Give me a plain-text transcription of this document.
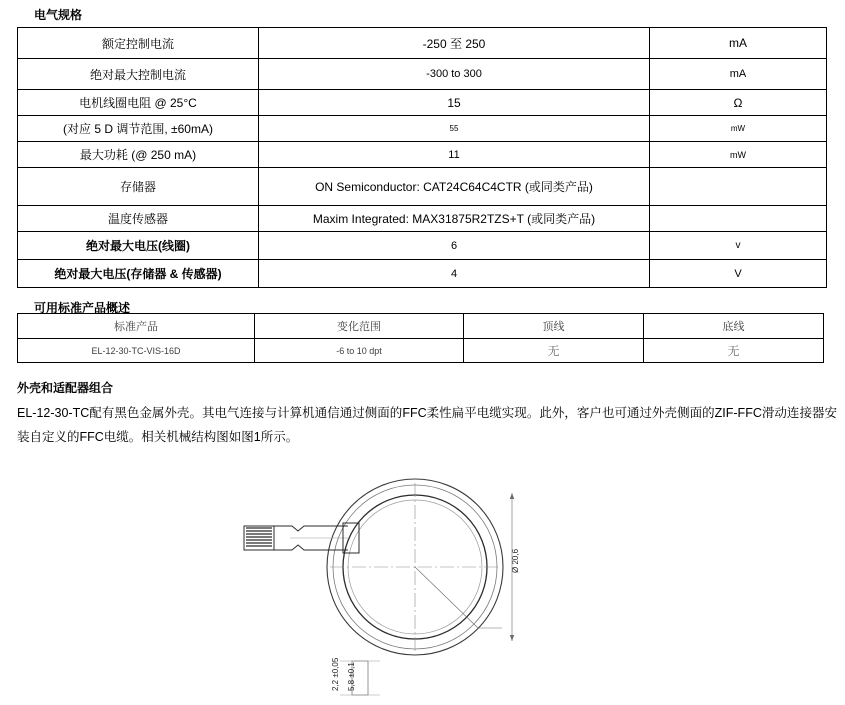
电气规格
额定控制电流	-250 至 250	mA
绝对最大控制电流	-300 to 300	mA
电机线圈电阻 @ 25°C	15	Ω
(对应 5 D 调节范围, ±60mA)	55	mW
最大功耗 (@ 250 mA)	11	mW
存储器	ON Semiconductor: CAT24C64C4CTR (或同类产品)	
温度传感器	Maxim Integrated: MAX31875R2TZS+T (或同类产品)	
绝对最大电压(线圈)	6	v
绝对最大电压(存储器 & 传感器)	4	V
可用标准产品概述
标准产品	变化范围	顶线	底线
EL-12-30-TC-VIS-16D	-6 to 10 dpt	无	无
外壳和适配器组合
EL-12-30-TC配有黑色金属外壳。其电气连接与计算机通信通过侧面的FFC柔性扁平电缆实现。此外，客户也可通过外壳侧面的ZIF-FFC滑动连接器安装自定义的FFC电缆。相关机械结构图如图1所示。
Ø 20,6
2,2 ±0,05 5,8 ±0,1
